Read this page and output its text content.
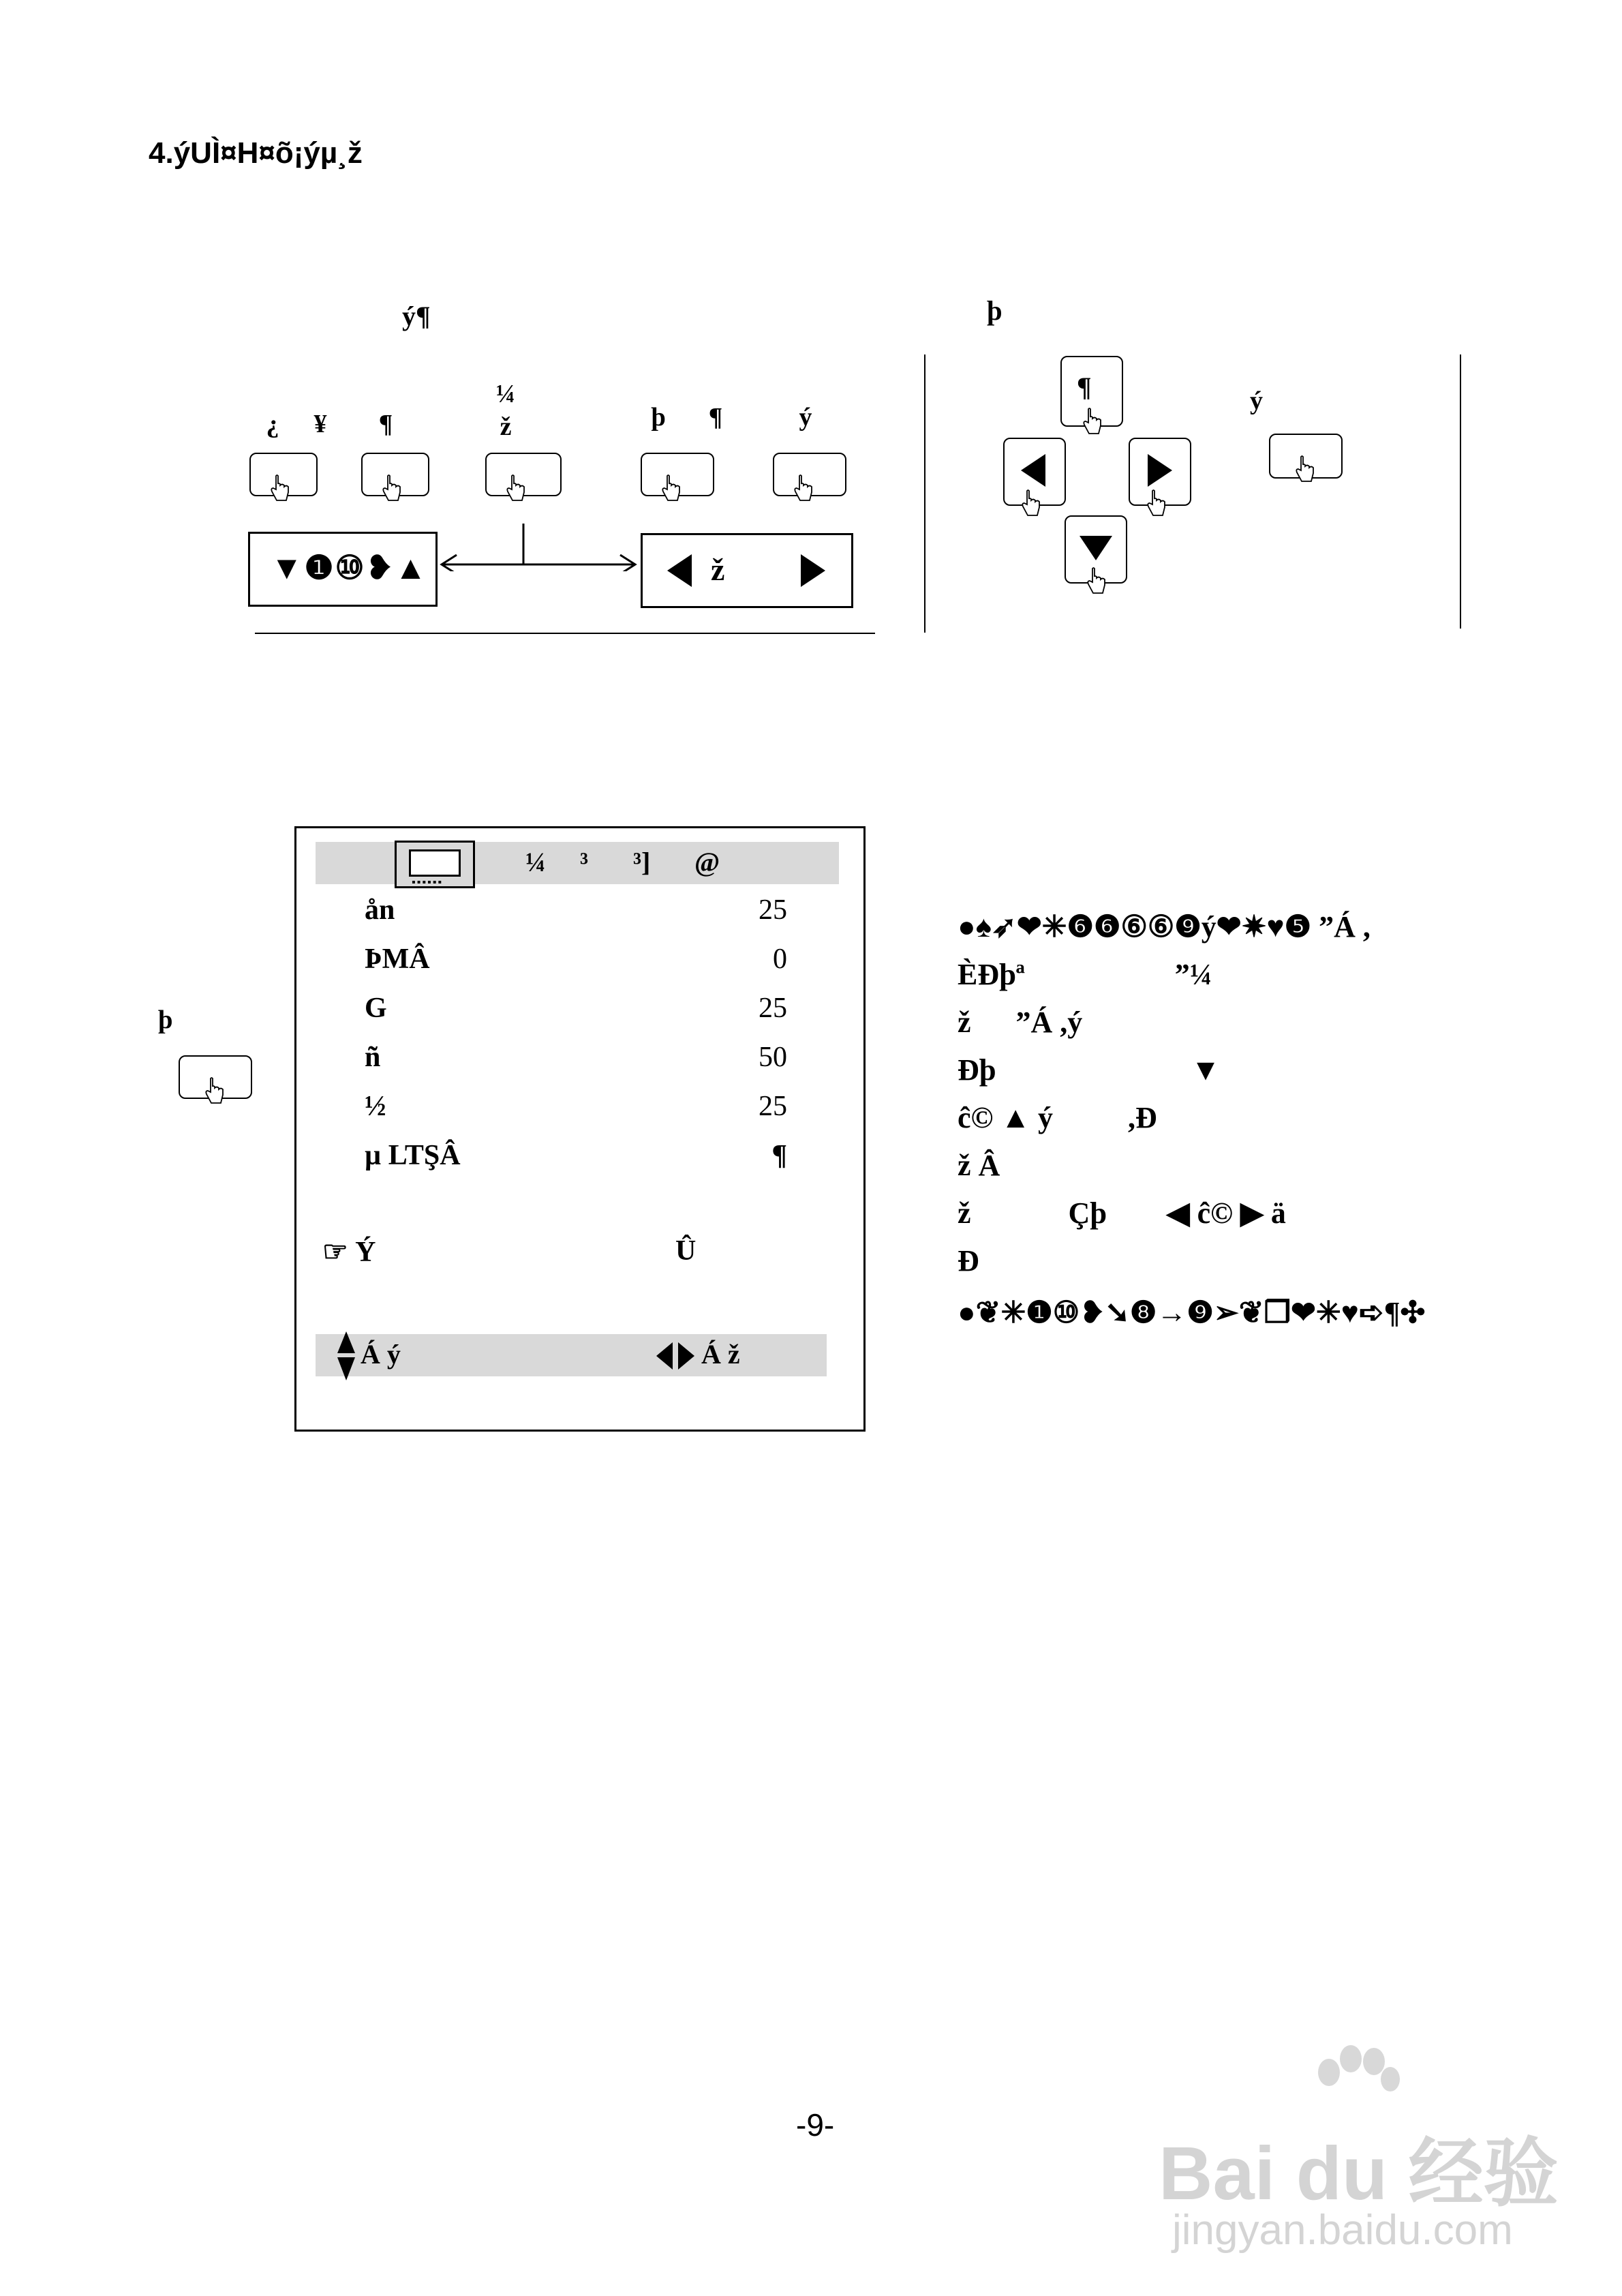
4.ýUÌ¤H¤õ¡ýµ¸ž
ý¶
¿ ¥ ¶
¼
ž	þ ¶	ý
▼❶⑩❥▲	ž
þ
¶	ý
þ
▪▪▪▪▪▪
¼ ³ ³] @
ån	25
ÞMÂ	0
G	25
ñ	50
½	25
µ LTŞÂ	¶
☞ Ý	Û
Á ý	Á ž
●♠➶❤✳❻❻⑥⑥❾ý❤✷♥❺ ”Á ,
ÈÐþª                    ”¼
ž      ”Á ,ý
Ðþ                          ▼
ĉ© ▲ ý          ,Ð
ž Â
ž             Çþ        ◀ ĉ© ▶ ä
Ð
●❦✳❶⑩❥➘❽→❾➢❦❒❤✳♥➪¶✣
-9-
Bai du 经验
jingyan.baidu.com
